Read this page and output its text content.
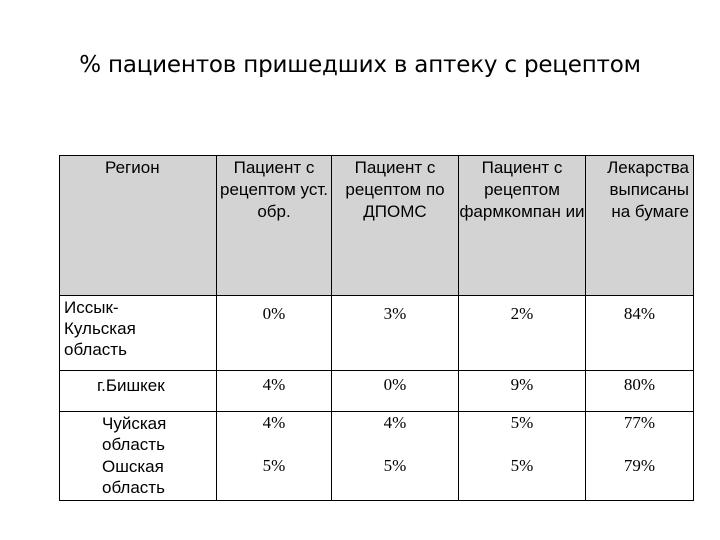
% пациентов пришедших в аптеку с рецептом
Регион	Пациент с рецептом уст. обр.	Пациент с рецептом по ДПОМС	Пациент с рецептом фармкомпан ии	Лекарства выписаны на бумаге
Иссык-Кульская область	0%	3%	2%	84%
г.Бишкек	4%	0%	9%	80%
Чуйская область	4%	4%	5%	77%
Ошская область	5%	5%	5%	79%
